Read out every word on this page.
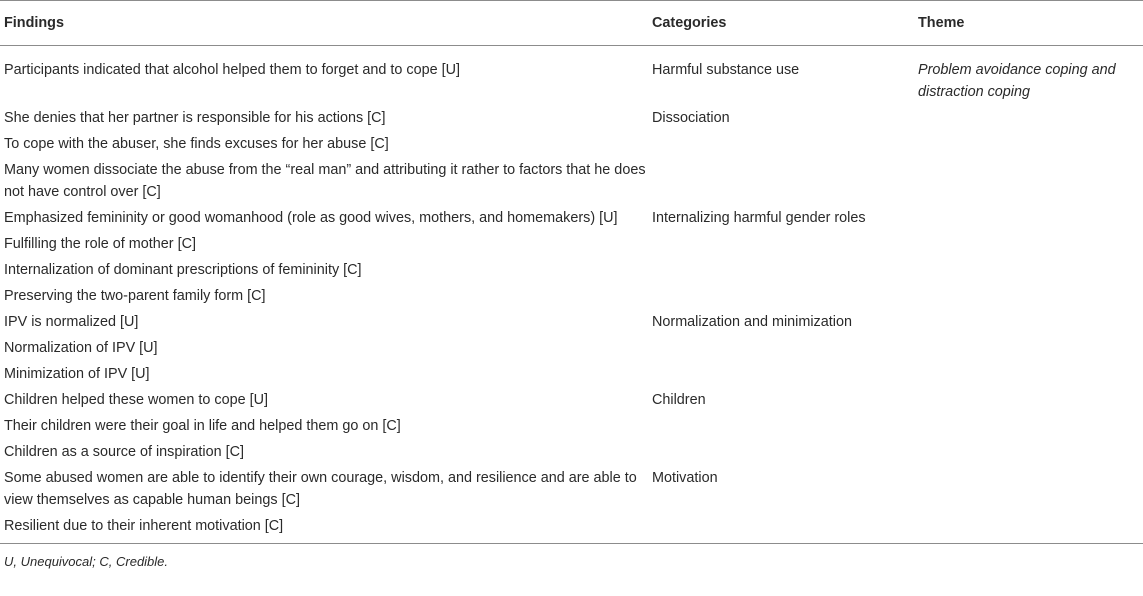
Findings	Categories	Theme
Participants indicated that alcohol helped them to forget and to cope [U]	Harmful substance use	Problem avoidance coping and distraction coping
She denies that her partner is responsible for his actions [C]	Dissociation	
To cope with the abuser, she finds excuses for her abuse [C]		
Many women dissociate the abuse from the “real man” and attributing it rather to factors that he does not have control over [C]		
Emphasized femininity or good womanhood (role as good wives, mothers, and homemakers) [U]	Internalizing harmful gender roles	
Fulfilling the role of mother [C]		
Internalization of dominant prescriptions of femininity [C]		
Preserving the two-parent family form [C]		
IPV is normalized [U]	Normalization and minimization	
Normalization of IPV [U]		
Minimization of IPV [U]		
Children helped these women to cope [U]	Children	
Their children were their goal in life and helped them go on [C]		
Children as a source of inspiration [C]		
Some abused women are able to identify their own courage, wisdom, and resilience and are able to view themselves as capable human beings [C]	Motivation	
Resilient due to their inherent motivation [C]		
U, Unequivocal; C, Credible.
